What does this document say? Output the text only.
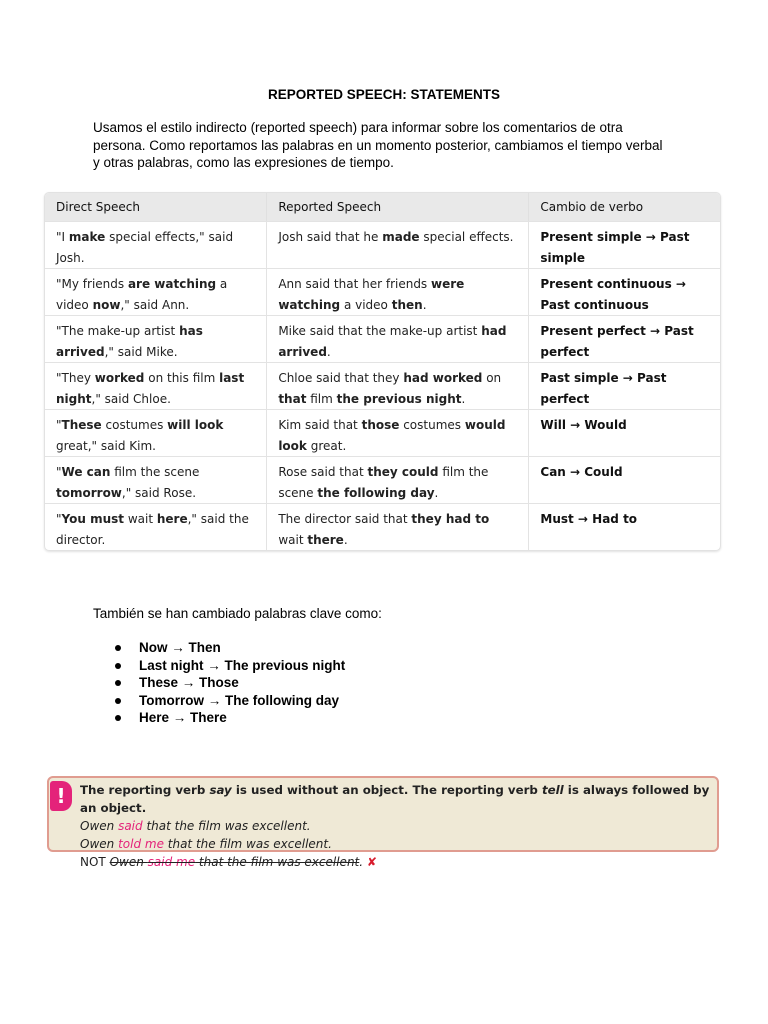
REPORTED SPEECH: STATEMENTS
Usamos el estilo indirecto (reported speech) para informar sobre los comentarios de otra persona. Como reportamos las palabras en un momento posterior, cambiamos el tiempo verbal y otras palabras, como las expresiones de tiempo.
Direct Speech	Reported Speech	Cambio de verbo
"I make special effects," said Josh.	Josh said that he made special effects.	Present simple → Past simple
"My friends are watching a video now," said Ann.	Ann said that her friends were watching a video then.	Present continuous → Past continuous
"The make-up artist has arrived," said Mike.	Mike said that the make-up artist had arrived.	Present perfect → Past perfect
"They worked on this film last night," said Chloe.	Chloe said that they had worked on that film the previous night.	Past simple → Past perfect
"These costumes will look great," said Kim.	Kim said that those costumes would look great.	Will → Would
"We can film the scene tomorrow," said Rose.	Rose said that they could film the scene the following day.	Can → Could
"You must wait here," said the director.	The director said that they had to wait there.	Must → Had to
También se han cambiado palabras clave como:
Now → Then
Last night → The previous night
These → Those
Tomorrow → The following day
Here → There
!	The reporting verb say is used without an object. The reporting verb tell is always followed by an object.
Owen said that the film was excellent.
Owen told me that the film was excellent.
NOT Owen said me that the film was excellent. ✘
